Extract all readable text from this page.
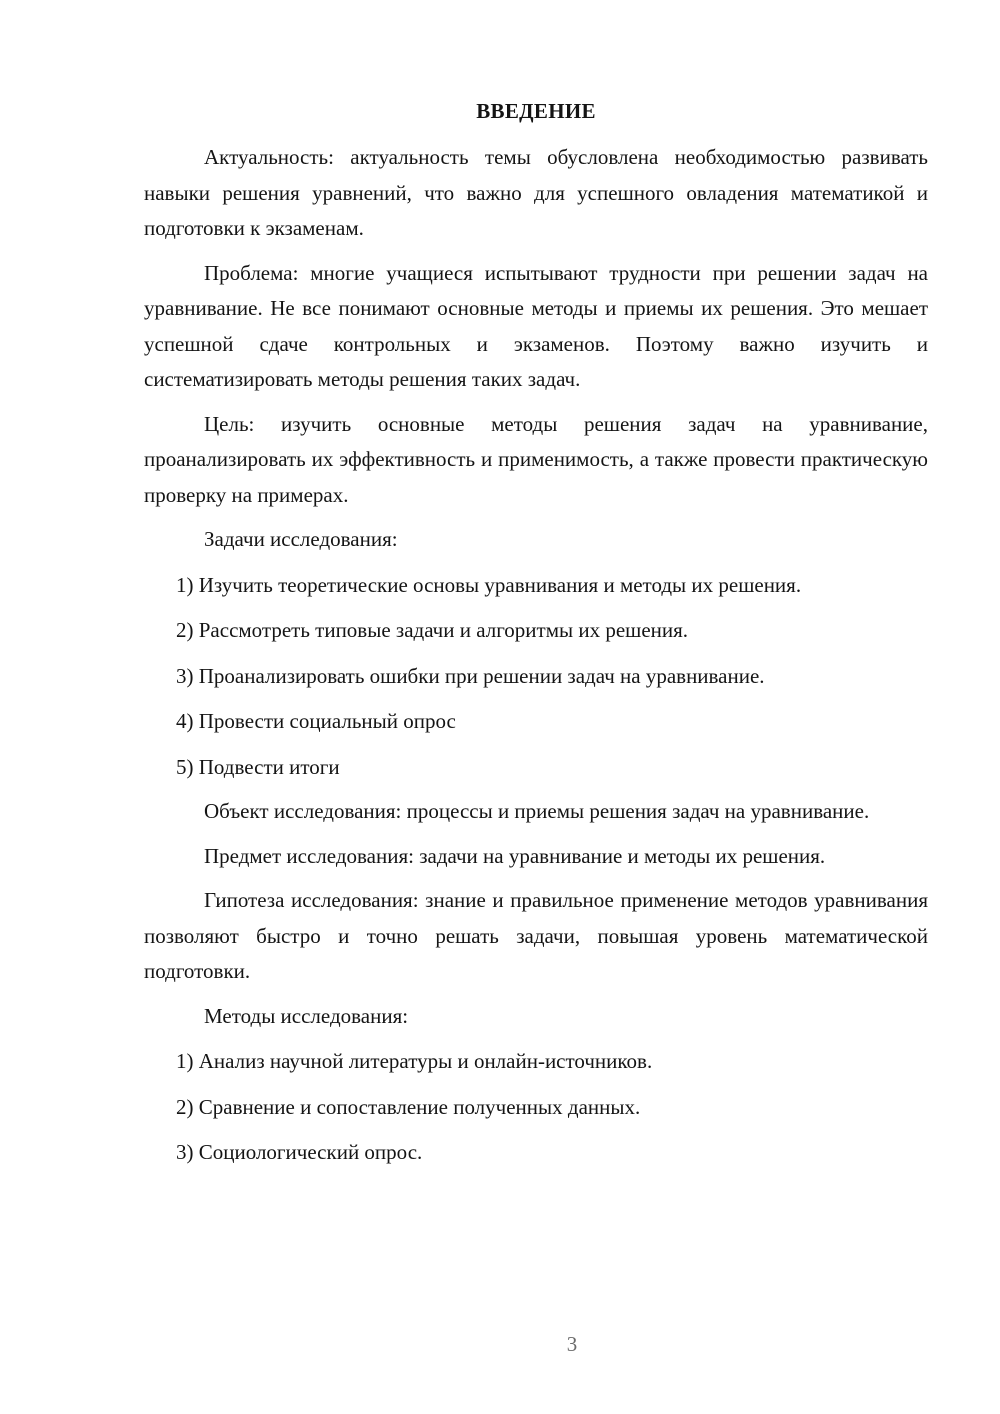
ВВЕДЕНИЕ

Актуальность: актуальность темы обусловлена необходимостью развивать навыки решения уравнений, что важно для успешного овладения математикой и подготовки к экзаменам.

Проблема: многие учащиеся испытывают трудности при решении задач на уравнивание. Не все понимают основные методы и приемы их решения. Это мешает успешной сдаче контрольных и экзаменов. Поэтому важно изучить и систематизировать методы решения таких задач.

Цель: изучить основные методы решения задач на уравнивание, проанализировать их эффективность и применимость, а также провести практическую проверку на примерах.

Задачи исследования:

1) Изучить теоретические основы уравнивания и методы их решения.
2) Рассмотреть типовые задачи и алгоритмы их решения.
3) Проанализировать ошибки при решении задач на уравнивание.
4) Провести социальный опрос
5) Подвести итоги

Объект исследования: процессы и приемы решения задач на уравнивание.

Предмет исследования: задачи на уравнивание и методы их решения.

Гипотеза исследования: знание и правильное применение методов уравнивания позволяют быстро и точно решать задачи, повышая уровень математической подготовки.

Методы исследования:

1) Анализ научной литературы и онлайн-источников.
2) Сравнение и сопоставление полученных данных.
3) Социологический опрос.
3
